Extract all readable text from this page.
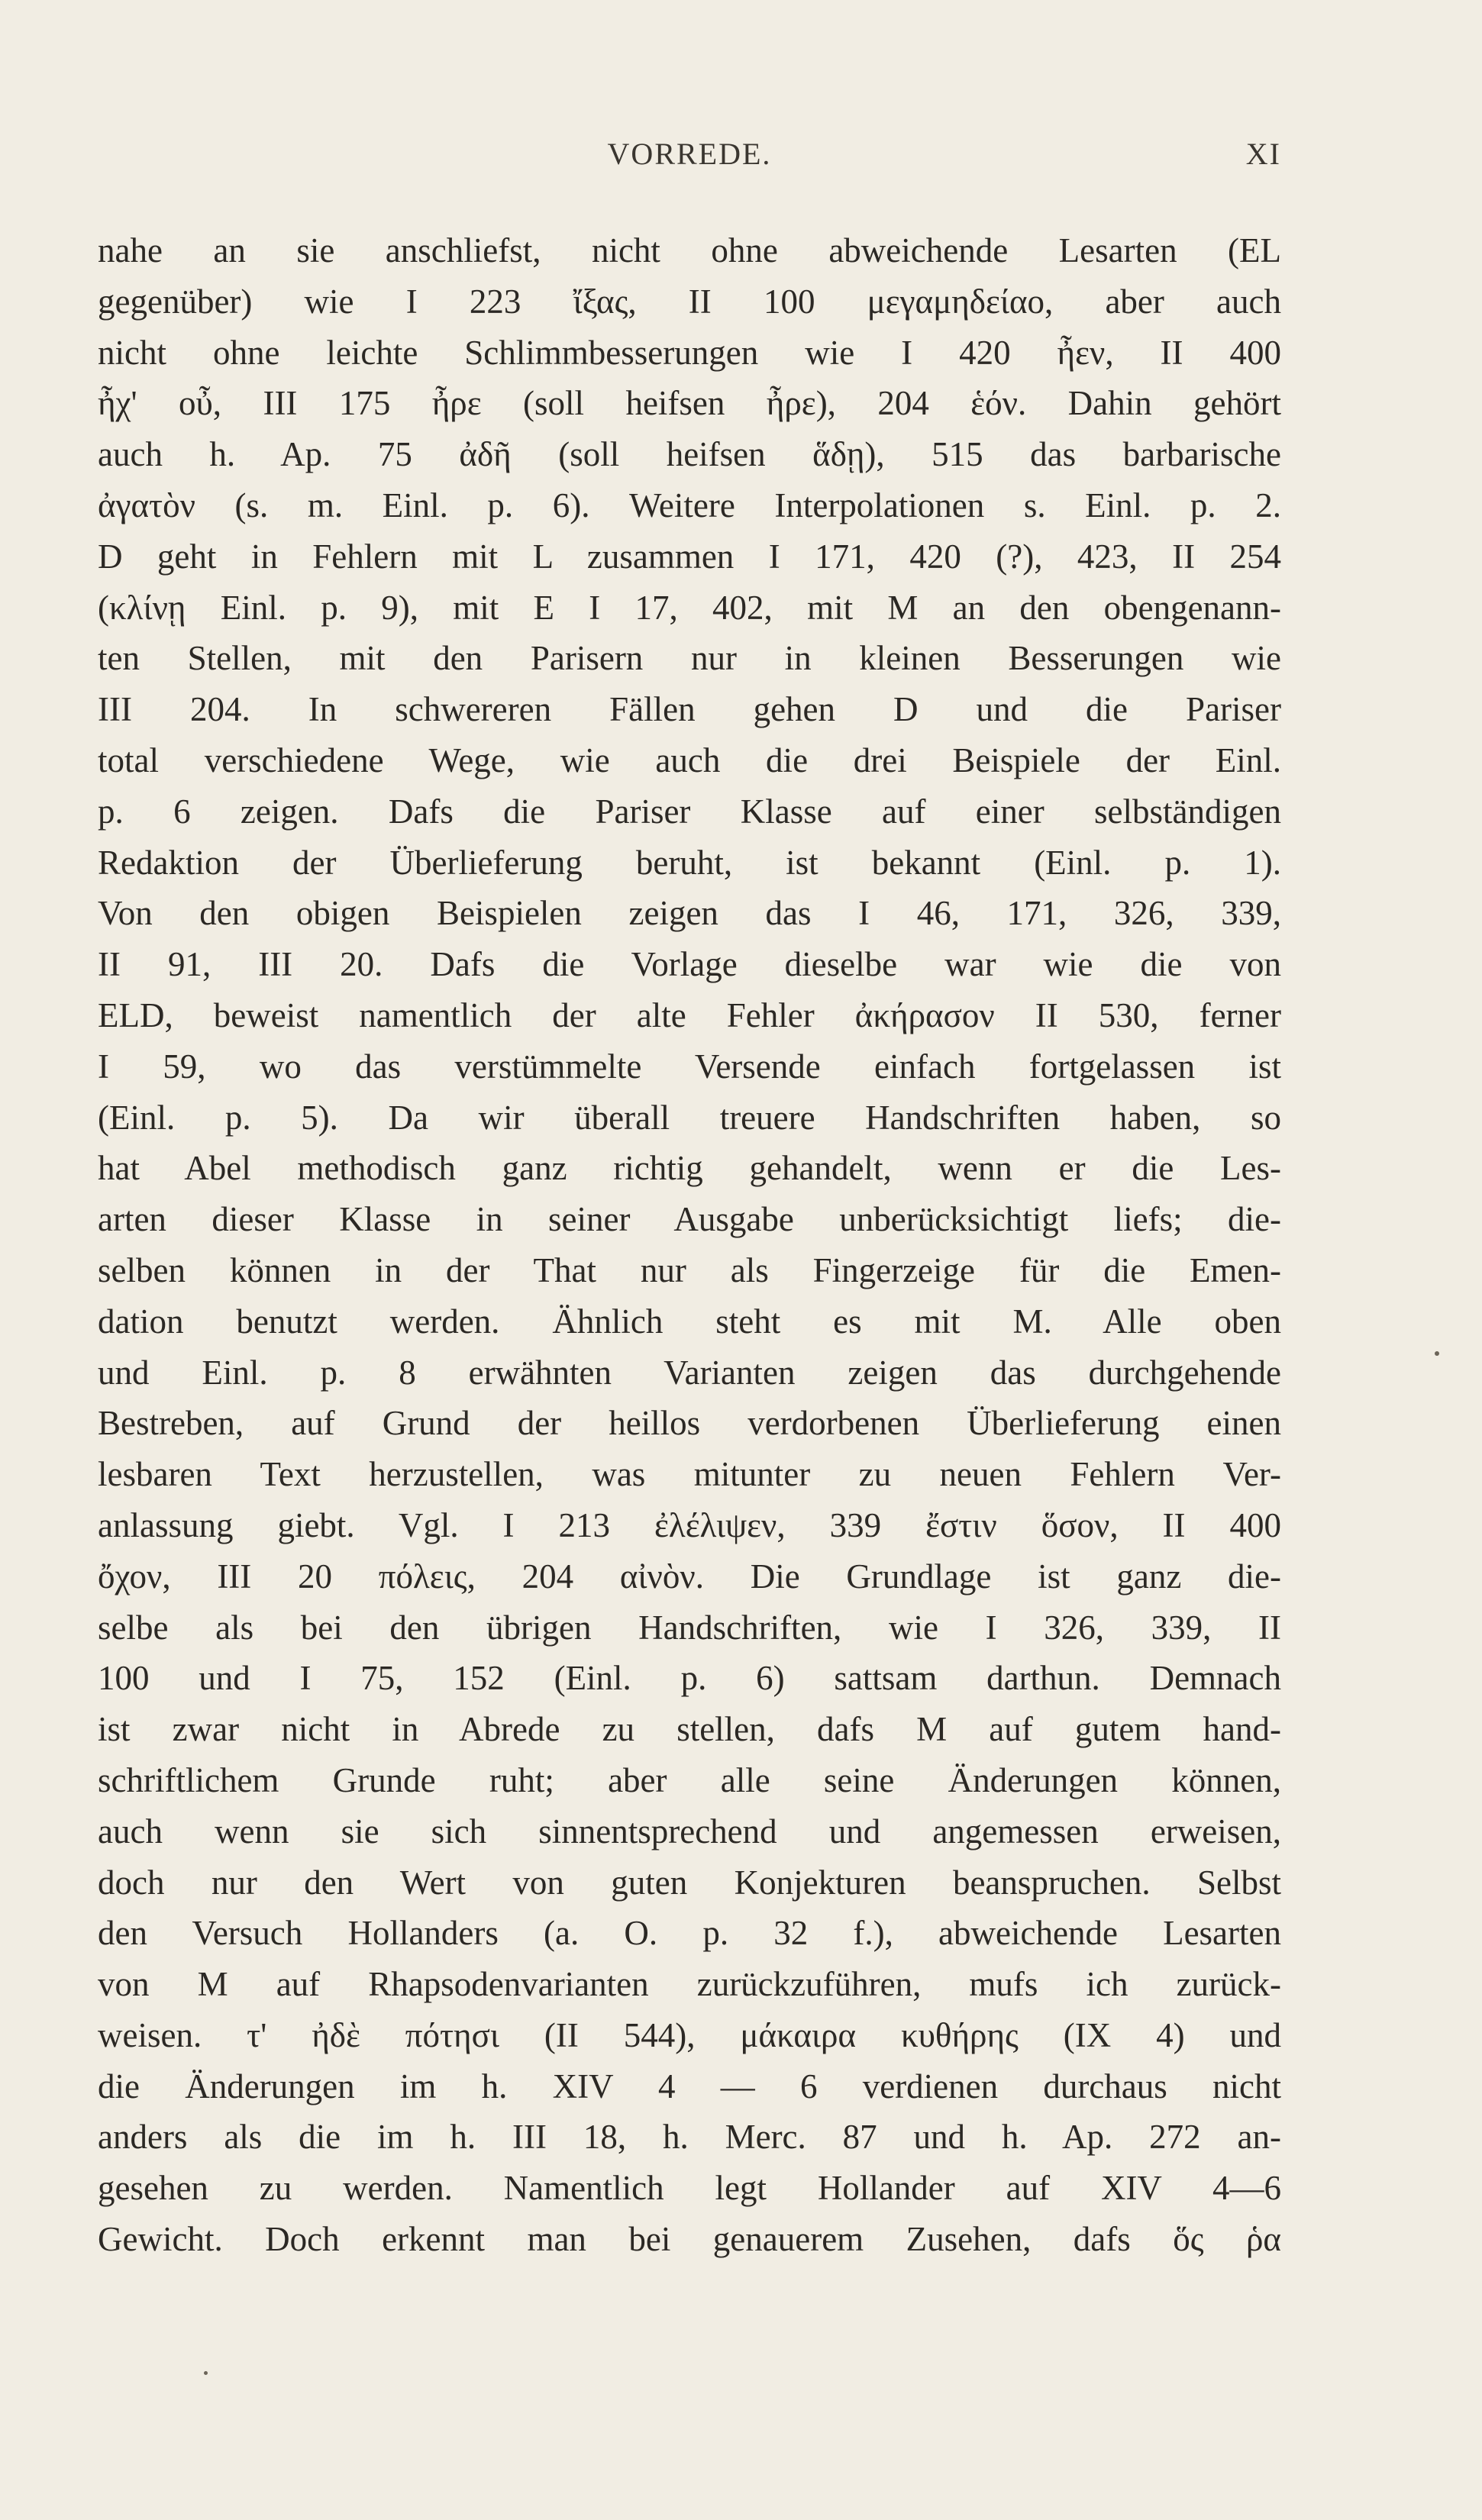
VORREDE.	XI
nahe an sie anschliefst, nicht ohne abweichende Lesarten (EL
gegenüber) wie I 223 ἴξας, II 100 μεγαμηδείαο, aber auch
nicht ohne leichte Schlimmbesserungen wie I 420 ἦεν, II 400
ἦχ' οὖ, III 175 ἦρε (soll heifsen ἦρε), 204 ἑόν. Dahin gehört
auch h. Ap. 75 ἀδῆ (soll heifsen ἅδῃ), 515 das barbarische
ἀγατὸν (s. m. Einl. p. 6). Weitere Interpolationen s. Einl. p. 2.
D geht in Fehlern mit L zusammen I 171, 420 (?), 423, II 254
(κλίνῃ Einl. p. 9), mit E I 17, 402, mit M an den obengenann-
ten Stellen, mit den Parisern nur in kleinen Besserungen wie
III 204. In schwereren Fällen gehen D und die Pariser
total verschiedene Wege, wie auch die drei Beispiele der Einl.
p. 6 zeigen. Dafs die Pariser Klasse auf einer selbständigen
Redaktion der Überlieferung beruht, ist bekannt (Einl. p. 1).
Von den obigen Beispielen zeigen das I 46, 171, 326, 339,
II 91, III 20. Dafs die Vorlage dieselbe war wie die von
ELD, beweist namentlich der alte Fehler ἀκήρασον II 530, ferner
I 59, wo das verstümmelte Versende einfach fortgelassen ist
(Einl. p. 5). Da wir überall treuere Handschriften haben, so
hat Abel methodisch ganz richtig gehandelt, wenn er die Les-
arten dieser Klasse in seiner Ausgabe unberücksichtigt liefs; die-
selben können in der That nur als Fingerzeige für die Emen-
dation benutzt werden. Ähnlich steht es mit M. Alle oben
und Einl. p. 8 erwähnten Varianten zeigen das durchgehende
Bestreben, auf Grund der heillos verdorbenen Überlieferung einen
lesbaren Text herzustellen, was mitunter zu neuen Fehlern Ver-
anlassung giebt. Vgl. I 213 ἐλέλιψεν, 339 ἔστιν ὅσον, II 400
ὄχον, III 20 πόλεις, 204 αἰνὸν. Die Grundlage ist ganz die-
selbe als bei den übrigen Handschriften, wie I 326, 339, II
100 und I 75, 152 (Einl. p. 6) sattsam darthun. Demnach
ist zwar nicht in Abrede zu stellen, dafs M auf gutem hand-
schriftlichem Grunde ruht; aber alle seine Änderungen können,
auch wenn sie sich sinnentsprechend und angemessen erweisen,
doch nur den Wert von guten Konjekturen beanspruchen. Selbst
den Versuch Hollanders (a. O. p. 32 f.), abweichende Lesarten
von M auf Rhapsodenvarianten zurückzuführen, mufs ich zurück-
weisen. τ' ἠδὲ πότησι (II 544), μάκαιρα κυθήρης (IX 4) und
die Änderungen im h. XIV 4 — 6 verdienen durchaus nicht
anders als die im h. III 18, h. Merc. 87 und h. Ap. 272 an-
gesehen zu werden. Namentlich legt Hollander auf XIV 4—6
Gewicht. Doch erkennt man bei genauerem Zusehen, dafs ὅς ῥα
